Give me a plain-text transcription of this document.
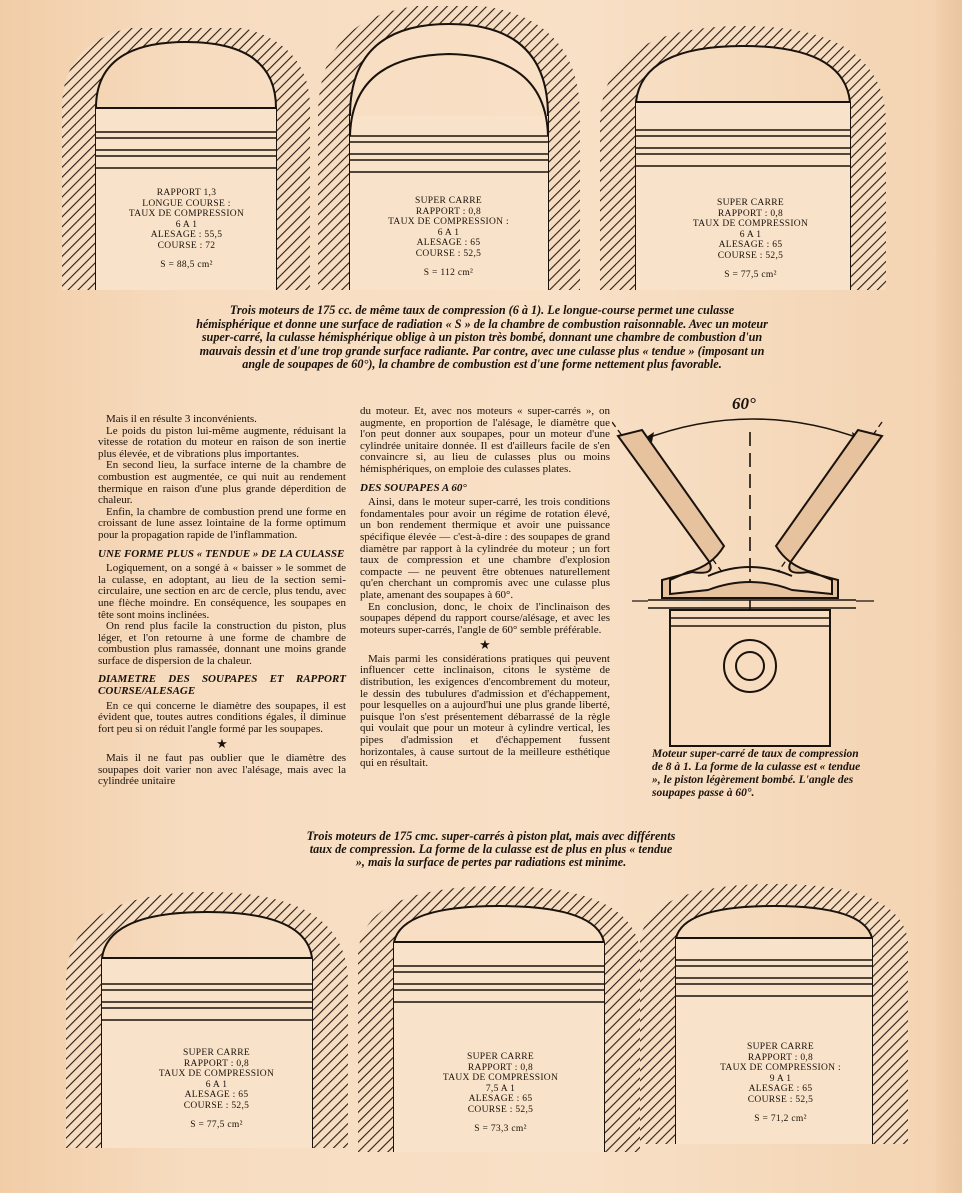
RAPPORT 1,3
LONGUE COURSE :
TAUX DE COMPRESSION
6 A 1
ALESAGE : 55,5
COURSE : 72
S = 88,5 cm²
SUPER CARRE
RAPPORT : 0,8
TAUX DE COMPRESSION :
6 A 1
ALESAGE : 65
COURSE : 52,5
S = 112 cm²
SUPER CARRE
RAPPORT : 0,8
TAUX DE COMPRESSION
6 A 1
ALESAGE : 65
COURSE : 52,5
S = 77,5 cm²
Trois moteurs de 175 cc. de même taux de compression (6 à 1). Le longue-course permet une culasse hémisphérique et donne une surface de radiation « S » de la chambre de combustion raisonnable. Avec un moteur super-carré, la culasse hémisphérique oblige à un piston très bombé, donnant une chambre de combustion d'un mauvais dessin et d'une trop grande surface radiante. Par contre, avec une culasse plus « tendue » (imposant un angle de soupapes de 60°), la chambre de combustion est d'une forme nettement plus favorable.

Mais il en résulte 3 inconvénients.

Le poids du piston lui-même augmente, réduisant la vitesse de rotation du moteur en raison de son inertie plus élevée, et de vibrations plus importantes.

En second lieu, la surface interne de la chambre de combustion est augmentée, ce qui nuit au rendement thermique en raison d'une plus grande déperdition de chaleur.

Enfin, la chambre de combustion prend une forme en croissant de lune assez lointaine de la forme optimum pour la propagation rapide de l'inflammation.

UNE FORME PLUS « TENDUE » DE LA CULASSE

Logiquement, on a songé à « baisser » le sommet de la culasse, en adoptant, au lieu de la section semi-circulaire, une section en arc de cercle, plus tendu, avec une flèche moindre. En conséquence, les soupapes en tête sont moins inclinées.

On rend plus facile la construction du piston, plus léger, et l'on retourne à une forme de chambre de combustion plus ramassée, donnant une moins grande surface de dispersion de la chaleur.

DIAMETRE DES SOUPAPES ET RAPPORT COURSE/ALESAGE

En ce qui concerne le diamètre des soupapes, il est évident que, toutes autres conditions égales, il diminue fort peu si on réduit l'angle formé par les soupapes.

★

Mais il ne faut pas oublier que le diamètre des soupapes doit varier non avec l'alésage, mais avec la cylindrée unitaire

du moteur. Et, avec nos moteurs « super-carrés », on augmente, en proportion de l'alésage, le diamètre que l'on peut donner aux soupapes, pour un moteur d'une cylindrée unitaire donnée. Il est d'ailleurs facile de s'en convaincre si, au lieu de culasses plus ou moins hémisphériques, on emploie des culasses plates.

DES SOUPAPES A 60°

Ainsi, dans le moteur super-carré, les trois conditions fondamentales pour avoir un régime de rotation élevé, un bon rendement thermique et avoir une puissance spécifique élevée — c'est-à-dire : des soupapes de grand diamètre par rapport à la cylindrée du moteur ; un fort taux de compression et une chambre d'explosion compacte — ne peuvent être obtenues naturellement qu'en cherchant un compromis avec une culasse plus plate, amenant des soupapes à 60°.

En conclusion, donc, le choix de l'inclinaison des soupapes dépend du rapport course/alésage, et avec les moteurs super-carrés, l'angle de 60° semble préférable.

★

Mais parmi les considérations pratiques qui peuvent influencer cette inclinaison, citons le système de distribution, les exigences d'encombrement du moteur, le dessin des tubulures d'admission et d'échappement, pour lesquelles on a aujourd'hui une plus grande liberté, puisque l'on s'est présentement débarrassé de la règle qui voulait que pour un moteur à cylindre vertical, les pipes d'admission et d'échappement fussent horizontales, à cause surtout de la meilleure esthétique qui en résultait.

60°
Moteur super-carré de taux de compression de 8 à 1. La forme de la culasse est « tendue », le piston légèrement bombé. L'angle des soupapes passe à 60°.
Trois moteurs de 175 cmc. super-carrés à piston plat, mais avec différents taux de compression. La forme de la culasse est de plus en plus « tendue », mais la surface de pertes par radiations est minime.
SUPER CARRE
RAPPORT : 0,8
TAUX DE COMPRESSION
6 A 1
ALESAGE : 65
COURSE : 52,5
S = 77,5 cm²
SUPER CARRE
RAPPORT : 0,8
TAUX DE COMPRESSION
7,5 A 1
ALESAGE : 65
COURSE : 52,5
S = 73,3 cm²
SUPER CARRE
RAPPORT : 0,8
TAUX DE COMPRESSION :
9 A 1
ALESAGE : 65
COURSE : 52,5
S = 71,2 cm²
